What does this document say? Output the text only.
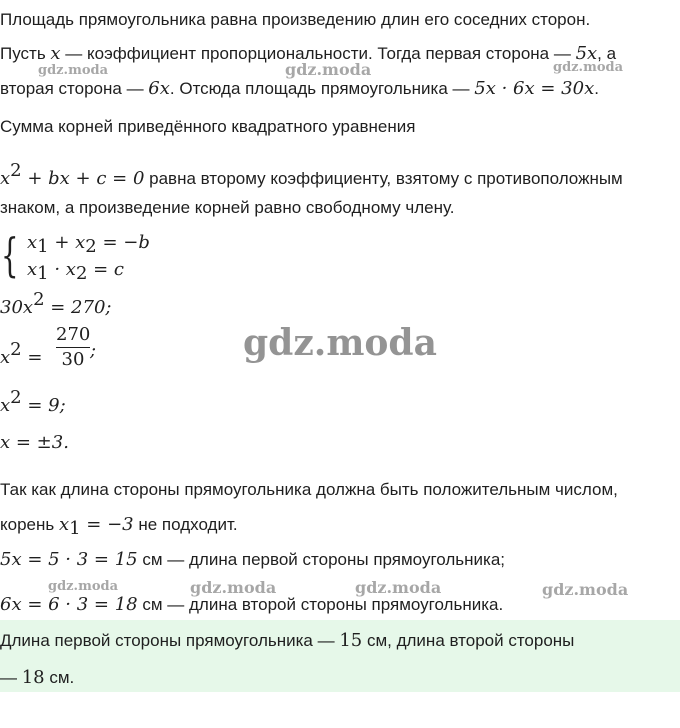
Площадь прямоугольника равна произведению длин его соседних сторон.
Пусть x — коэффициент пропорциональности. Тогда первая сторона — 5x, а
вторая сторона — 6x. Отсюда площадь прямоугольника — 5x · 6x = 30x.
Сумма корней приведённого квадратного уравнения
$x^2$ + bx + c = 0 равна второму коэффициенту, взятому с противоположным
знаком, а произведение корней равно свободному члену.
{ $x_1 + x_2 = -b$
$x_1 \cdot x_2 = c$
$30x^2 = 270$;
$x^2$ =
270
30 ;
$x^2 = 9$;
x = ±3.
Так как длина стороны прямоугольника должна быть положительным числом,
корень $x_1 = -3$ не подходит.
5x = 5 · 3 = 15 см — длина первой стороны прямоугольника;
6x = 6 · 3 = 18 см — длина второй стороны прямоугольника.
Длина первой стороны прямоугольника — 15 см, длина второй стороны
— 18 см.
gdz.moda	gdz.moda	gdz.moda
gdz.moda
gdz.moda	gdz.moda	gdz.moda	gdz.moda
